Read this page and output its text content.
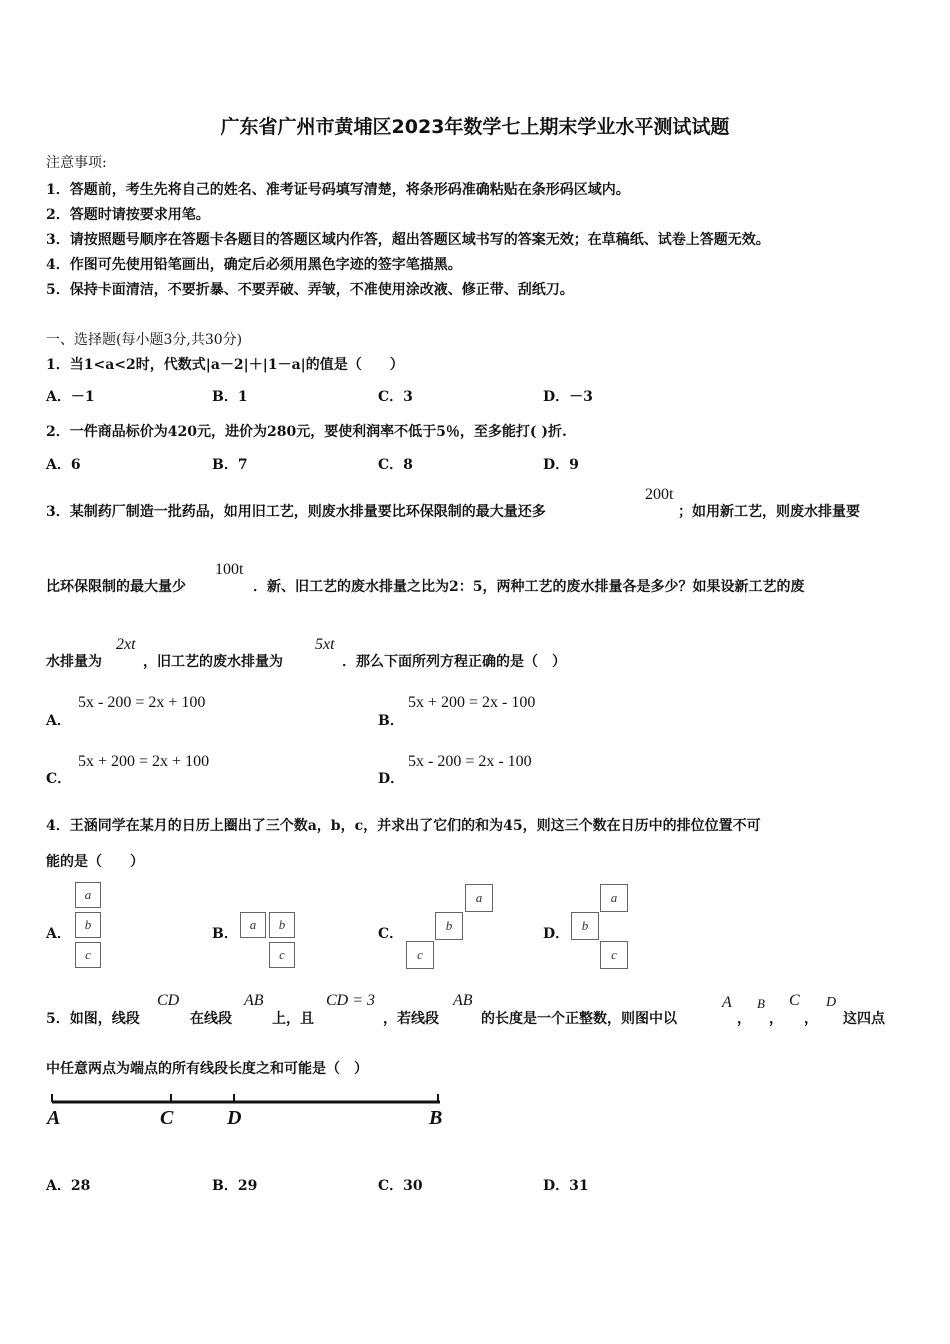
广东省广州市黄埔区2023年数学七上期末学业水平测试试题
注意事项:
1．答题前，考生先将自己的姓名、准考证号码填写清楚，将条形码准确粘贴在条形码区域内。
2．答题时请按要求用笔。
3．请按照题号顺序在答题卡各题目的答题区域内作答，超出答题区域书写的答案无效；在草稿纸、试卷上答题无效。
4．作图可先使用铅笔画出，确定后必须用黑色字迹的签字笔描黑。
5．保持卡面清洁，不要折暴、不要弄破、弄皱，不准使用涂改液、修正带、刮纸刀。
一、选择题(每小题3分,共30分)
1．当1<a<2时，代数式|a－2|＋|1－a|的值是（　　）
A．－1	B．1	C．3	D．－3
2．一件商品标价为420元，进价为280元，要使利润率不低于5％，至多能打( )折.
A．6	B．7	C．8	D．9
3．某制药厂制造一批药品，如用旧工艺，则废水排量要比环保限制的最大量还多
200t
；如用新工艺，则废水排量要
比环保限制的最大量少
100t
．新、旧工艺的废水排量之比为2：5，两种工艺的废水排量各是多少？如果设新工艺的废
水排量为
2xt
，旧工艺的废水排量为
5xt
．那么下面所列方程正确的是（　）
A．
5x - 200 = 2x + 100
B．
5x + 200 = 2x - 100
C．
5x + 200 = 2x + 100
D．
5x - 200 = 2x - 100
4．王涵同学在某月的日历上圈出了三个数a，b，c，并求出了它们的和为45，则这三个数在日历中的排位位置不可
能的是（　　）
A．
a
b
c
B．
a	b
c
C．
a
b
c
D．
a
b
c
5．如图，线段
CD
在线段
AB
上，且
CD = 3
，若线段
AB
的长度是一个正整数，则图中以
A
，
B
，
C
，
D
这四点
中任意两点为端点的所有线段长度之和可能是（　）
A	C	D	B
A．28	B．29	C．30	D．31
